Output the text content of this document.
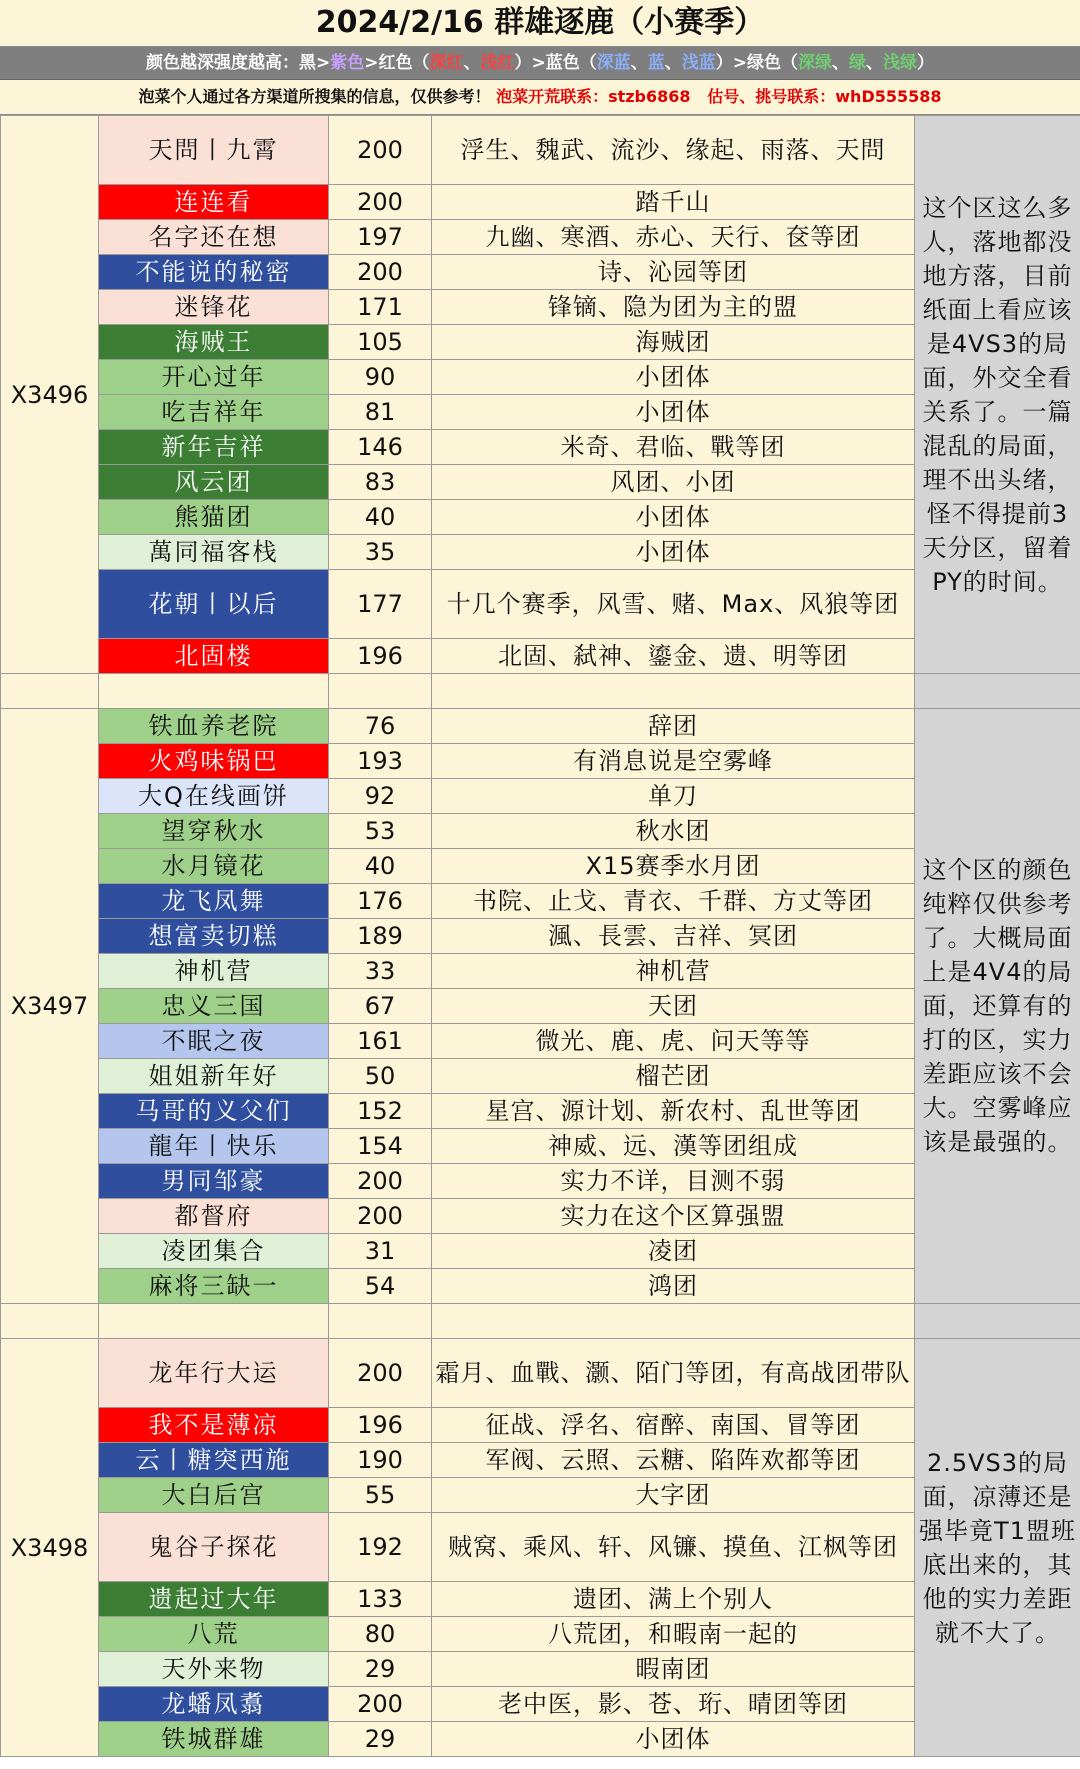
2024/2/16 群雄逐鹿（小赛季）
颜色越深强度越高：黑>紫色>红色（深红、浅红）>蓝色（深蓝、蓝、浅蓝）>绿色（深绿、绿、浅绿）
泡菜个人通过各方渠道所搜集的信息，仅供参考！ 泡菜开荒联系：stzb6868 估号、挑号联系：whD555588
X3496	天問丨九霄	200	浮生、魏武、流沙、缘起、雨落、天問	这个区这么多人，落地都没地方落，目前纸面上看应该是4VS3的局面，外交全看关系了。一篇混乱的局面，理不出头绪，怪不得提前3天分区，留着PY的时间。
	连连看	200	踏千山	
	名字还在想	197	九幽、寒酒、赤心、天行、奁等团	
	不能说的秘密	200	诗、沁园等团	
	迷锋花	171	锋镝、隐为团为主的盟	
	海贼王	105	海贼团	
	开心过年	90	小团体	
	吃吉祥年	81	小团体	
	新年吉祥	146	米奇、君临、戰等团	
	风云团	83	风团、小团	
	熊猫团	40	小团体	
	萬同福客栈	35	小团体	
	花朝丨以后	177	十几个赛季，风雪、赌、Max、风狼等团	
	北固楼	196	北固、弑神、鎏金、遗、明等团	

X3497	铁血养老院	76	辞团	这个区的颜色纯粹仅供参考了。大概局面上是4V4的局面，还算有的打的区，实力差距应该不会大。空雾峰应该是最强的。
	火鸡味锅巴	193	有消息说是空雾峰	
	大Q在线画饼	92	单刀	
	望穿秋水	53	秋水团	
	水月镜花	40	X15赛季水月团	
	龙飞凤舞	176	书院、止戈、青衣、千群、方丈等团	
	想富卖切糕	189	渢、長雲、吉祥、冥团	
	神机营	33	神机营	
	忠义三国	67	天团	
	不眠之夜	161	微光、鹿、虎、问天等等	
	姐姐新年好	50	榴芒团	
	马哥的义父们	152	星宫、源计划、新农村、乱世等团	
	龍年丨快乐	154	神威、远、漢等团组成	
	男同邹豪	200	实力不详，目测不弱	
	都督府	200	实力在这个区算强盟	
	凌团集合	31	凌团	
	麻将三缺一	54	鸿团	

X3498	龙年行大运	200	霜月、血戰、灏、陌门等团，有高战团带队	2.5VS3的局面，凉薄还是强毕竟T1盟班底出来的，其他的实力差距就不大了。
	我不是薄凉	196	征战、浮名、宿醉、南国、冒等团	
	云丨糖突西施	190	军阀、云照、云糖、陷阵欢都等团	
	大白后宫	55	大字团	
	鬼谷子探花	192	贼窝、乘风、轩、风镰、摸鱼、江枫等团	
	遗起过大年	133	遗团、满上个别人	
	八荒	80	八荒团，和暇南一起的	
	天外来物	29	暇南团	
	龙蟠凤翥	200	老中医，影、苍、珩、晴团等团	
	铁城群雄	29	小团体	
